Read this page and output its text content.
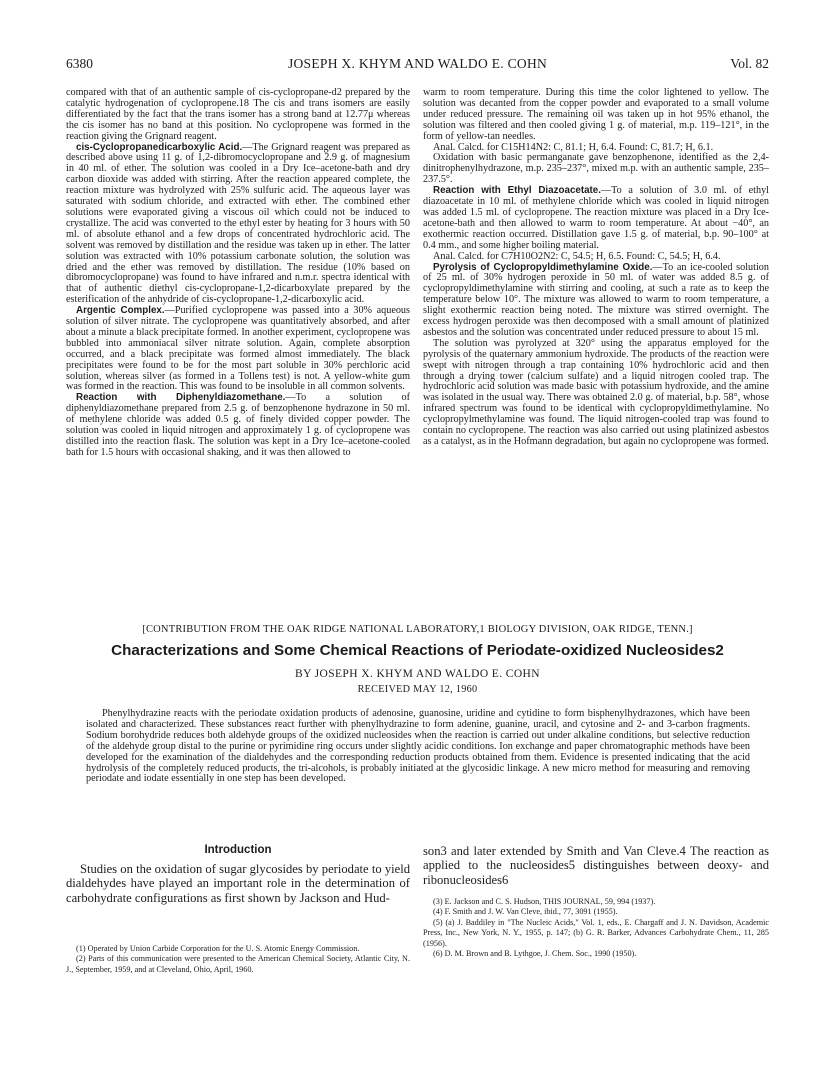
6380	JOSEPH X. KHYM AND WALDO E. COHN	Vol. 82

compared with that of an authentic sample of cis-cyclopropane-d2 prepared by the catalytic hydrogenation of cyclopropene.18 The cis and trans isomers are easily differentiated by the fact that the trans isomer has a strong band at 12.77μ whereas the cis isomer has no band at this position. No cyclopropene was formed in the reaction giving the Grignard reagent.

cis-Cyclopropanedicarboxylic Acid.—The Grignard reagent was prepared as described above using 11 g. of 1,2-dibromocyclopropane and 2.9 g. of magnesium in 40 ml. of ether. The solution was cooled in a Dry Ice–acetone-bath and dry carbon dioxide was added with stirring. After the reaction appeared complete, the reaction mixture was hydrolyzed with 25% sulfuric acid. The aqueous layer was saturated with sodium chloride, and extracted with ether. The combined ether solutions were evaporated giving a viscous oil which could not be induced to crystallize. The acid was converted to the ethyl ester by heating for 3 hours with 50 ml. of absolute ethanol and a few drops of concentrated hydrochloric acid. The solvent was removed by distillation and the residue was taken up in ether. The latter solution was extracted with 10% potassium carbonate solution, the solution was dried and the ether was removed by distillation. The residue (10% based on dibromocyclopropane) was found to have infrared and n.m.r. spectra identical with that of authentic diethyl cis-cyclopropane-1,2-dicarboxylate prepared by the esterification of the anhydride of cis-cyclopropane-1,2-dicarboxylic acid.

Argentic Complex.—Purified cyclopropene was passed into a 30% aqueous solution of silver nitrate. The cyclopropene was quantitatively absorbed, and after about a minute a black precipitate formed. In another experiment, cyclopropene was bubbled into ammoniacal silver nitrate solution. Again, complete absorption occurred, and a black precipitate was formed almost immediately. The black precipitates were found to be for the most part soluble in 30% perchloric acid solution, whereas silver (as formed in a Tollens test) is not. A yellow-white gum was formed in the reaction. This was found to be insoluble in all common solvents.

Reaction with Diphenyldiazomethane.—To a solution of diphenyldiazomethane prepared from 2.5 g. of benzophenone hydrazone in 50 ml. of methylene chloride was added 0.5 g. of finely divided copper powder. The solution was cooled in liquid nitrogen and approximately 1 g. of cyclopropene was distilled into the reaction flask. The solution was kept in a Dry Ice–acetone-cooled bath for 1.5 hours with occasional shaking, and it was then allowed to

warm to room temperature. During this time the color lightened to yellow. The solution was decanted from the copper powder and evaporated to a small volume under reduced pressure. The remaining oil was taken up in hot 95% ethanol, the solution was filtered and then cooled giving 1 g. of material, m.p. 119–121°, in the form of yellow-tan needles.

Anal. Calcd. for C15H14N2: C, 81.1; H, 6.4. Found: C, 81.7; H, 6.1.

Oxidation with basic permanganate gave benzophenone, identified as the 2,4-dinitrophenylhydrazone, m.p. 235–237°, mixed m.p. with an authentic sample, 235–237.5°.

Reaction with Ethyl Diazoacetate.—To a solution of 3.0 ml. of ethyl diazoacetate in 10 ml. of methylene chloride which was cooled in liquid nitrogen was added 1.5 ml. of cyclopropene. The reaction mixture was placed in a Dry Ice-acetone-bath and then allowed to warm to room temperature. At about −40°, an exothermic reaction occurred. Distillation gave 1.5 g. of material, b.p. 90–100° at 0.4 mm., and some higher boiling material.

Anal. Calcd. for C7H10O2N2: C, 54.5; H, 6.5. Found: C, 54.5; H, 6.4.

Pyrolysis of Cyclopropyldimethylamine Oxide.—To an ice-cooled solution of 25 ml. of 30% hydrogen peroxide in 50 ml. of water was added 8.5 g. of cyclopropyldimethylamine with stirring and cooling, at such a rate as to keep the temperature below 10°. The mixture was allowed to warm to room temperature, a slight exothermic reaction being noted. The mixture was stirred overnight. The excess hydrogen peroxide was then decomposed with a small amount of platinized asbestos and the solution was concentrated under reduced pressure to about 15 ml.

The solution was pyrolyzed at 320° using the apparatus employed for the pyrolysis of the quaternary ammonium hydroxide. The products of the reaction were swept with nitrogen through a trap containing 10% hydrochloric acid and then through a drying tower (calcium sulfate) and a liquid nitrogen cooled trap. The hydrochloric acid solution was made basic with potassium hydroxide, and the amine was isolated in the usual way. There was obtained 2.0 g. of material, b.p. 58°, whose infrared spectrum was found to be identical with cyclopropyldimethylamine. No cyclopropylmethylamine was found. The liquid nitrogen-cooled trap was found to contain no cyclopropene. The reaction was also carried out using platinized asbestos as a catalyst, as in the Hofmann degradation, but again no cyclopropene was formed.

[CONTRIBUTION FROM THE OAK RIDGE NATIONAL LABORATORY,1 BIOLOGY DIVISION, OAK RIDGE, TENN.]
Characterizations and Some Chemical Reactions of Periodate-oxidized Nucleosides2
BY JOSEPH X. KHYM AND WALDO E. COHN
RECEIVED MAY 12, 1960
Phenylhydrazine reacts with the periodate oxidation products of adenosine, guanosine, uridine and cytidine to form bisphenylhydrazones, which have been isolated and characterized. These substances react further with phenylhydrazine to form adenine, guanine, uracil, and cytosine and 2- and 3-carbon fragments. Sodium borohydride reduces both aldehyde groups of the oxidized nucleosides when the reaction is carried out under alkaline conditions, but selective reduction of the aldehyde group distal to the purine or pyrimidine ring occurs under slightly acidic conditions. Ion exchange and paper chromatographic methods have been developed for the examination of the dialdehydes and the corresponding reduction products obtained from them. Evidence is presented indicating that the acid hydrolysis of the completely reduced products, the tri-alcohols, is probably initiated at the glycosidic linkage. A new micro method for measuring and removing periodate and iodate essentially in one step has been developed.
Introduction
Studies on the oxidation of sugar glycosides by periodate to yield dialdehydes have played an important role in the determination of carbohydrate configurations as first shown by Jackson and Hud-
son3 and later extended by Smith and Van Cleve.4 The reaction as applied to the nucleosides5 distinguishes between deoxy- and ribonucleosides6

(1) Operated by Union Carbide Corporation for the U. S. Atomic Energy Commission.

(2) Parts of this communication were presented to the American Chemical Society, Atlantic City, N. J., September, 1959, and at Cleveland, Ohio, April, 1960.

(3) E. Jackson and C. S. Hudson, THIS JOURNAL, 59, 994 (1937).

(4) F. Smith and J. W. Van Cleve, ibid., 77, 3091 (1955).

(5) (a) J. Baddiley in "The Nucleic Acids," Vol. 1, eds., E. Chargaff and J. N. Davidson, Academic Press, Inc., New York, N. Y., 1955, p. 147; (b) G. R. Barker, Advances Carbohydrate Chem., 11, 285 (1956).

(6) D. M. Brown and B. Lythgoe, J. Chem. Soc., 1990 (1950).
